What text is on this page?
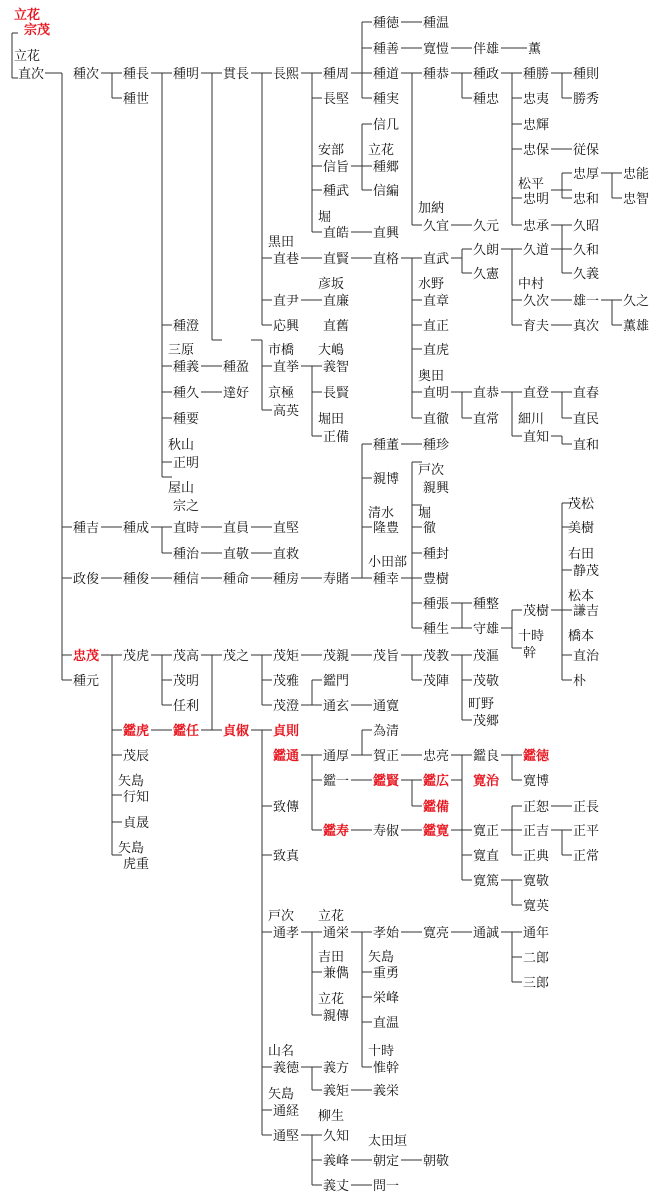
立花
宗茂
立花
直次 種次 種長 種明 貫長 長熙 種周
種徳 種温
種善 寛愷 伴雄 薫
種道 種恭 種政 種勝 種則
勝秀
種世	長堅 種実	種忠 忠夷
忠輝
信几
安部 立花
信旨 種郷
忠保 従保
松平
忠厚 忠能
種武 信編
忠明 忠和 忠智
加納
堀
久宜 久元 忠承 久昭
直皓 直興
黒田
久朗 久道 久和
直巷 直賢 直格 直武
久憲	久義
中村
彦坂	水野
直尹 直廉	直章	久次 雄一 久之
応興 直舊	直正	育夫 真次 薫雄
種澄
三原	市橋 大嶋	直虎
種義 種盈 直挙 義智
奥田
種久 達好 京極 長賢	直明 直恭 直登 直春
種要
高英
堀田	直徹 直常 細川 直民
秋山
正備
種董 種珍
直知
直和
正明
親博
戸次
屋山	親興
宗之	堀
清水
茂松
種吉 種成 直時 直員 直堅	隆豊 徹	美樹
種治 直敬 直救	種封	右田
小田部
静茂
政俊 種俊 種信 種命 種房 寿賭 種幸 豊樹
松本
種張 種整 茂樹 謙吉
種生 守雄 十時 橋本
幹
忠茂 茂虎 茂高 茂之 茂矩 茂親 茂旨 茂教 茂漚	直治
種元	茂明	茂雅	茂陣 茂敬	朴
鑑門
任利	茂澄	町野
通玄 通寛
茂郷
鑑虎 鑑任 貞俶 貞則	為清
茂辰	鑑通 通厚 賀正 忠亮 鑑良 鑑徳
矢島	寛博
行知
鑑一 鑑賢 鑑広 寛治
致傳	鑑備	正恕 正長
貞晟
鑑寿 寿俶 鑑寛 寛正 正吉 正平
矢島
虎重
寛直 正典 正常
致真
寛篤 寛敬
寛英
戸次 立花
通孝 通栄 孝始 寛亮 通誠 通年
吉田 矢島	二郎
兼儁 重勇
三郎
立花 栄峰
親傳 直温
十時
山名
惟幹
義徳 義方
矢島
通経
義矩 義栄
柳生
通堅 久知 太田垣
義峰 朝定 朝敬
義丈 問一
